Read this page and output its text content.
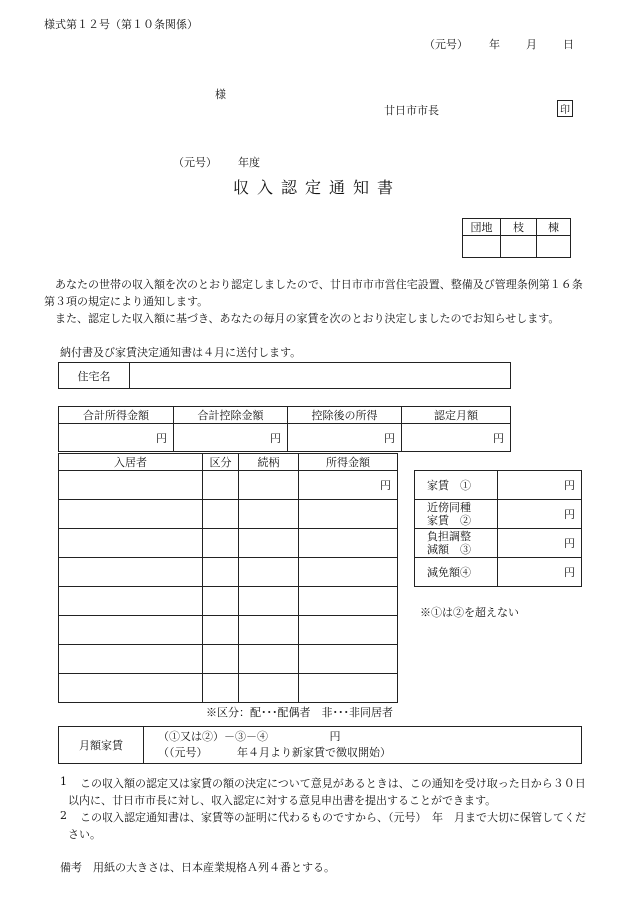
様式第１２号（第１０条関係）
（元号） 年 月 日
様
廿日市市長	印
（元号） 年度
収入認定通知書
団地	枝	棟

あなたの世帯の収入額を次のとおり認定しましたので、廿日市市市営住宅設置、整備及び管理条例第１６条第３項の規定により通知します。
また、認定した収入額に基づき、あなたの毎月の家賃を次のとおり決定しましたのでお知らせします。
納付書及び家賃決定通知書は４月に送付します。
住宅名	
合計所得金額	合計控除金額	控除後の所得	認定月額
円	円	円	円
入居者	区分	続柄	所得金額
			円

※区分：配･･･配偶者　非･･･非同居者
家賃　①	円

近傍同種
家賃　②	円

負担調整
減額　③	円

減免額④	円
※①は②を超えない
月額家賃	
（①又は②）－③－④	円
（（元号）	年４月より新家賃で徴収開始）
1	この収入額の認定又は家賃の額の決定について意見があるときは、この通知を受け取った日から３０日以内に、廿日市市長に対し、収入認定に対する意見申出書を提出することができます。
2	この収入認定通知書は、家賃等の証明に代わるものですから、（元号）　年　月まで大切に保管してください。
備考　用紙の大きさは、日本産業規格Ａ列４番とする。
